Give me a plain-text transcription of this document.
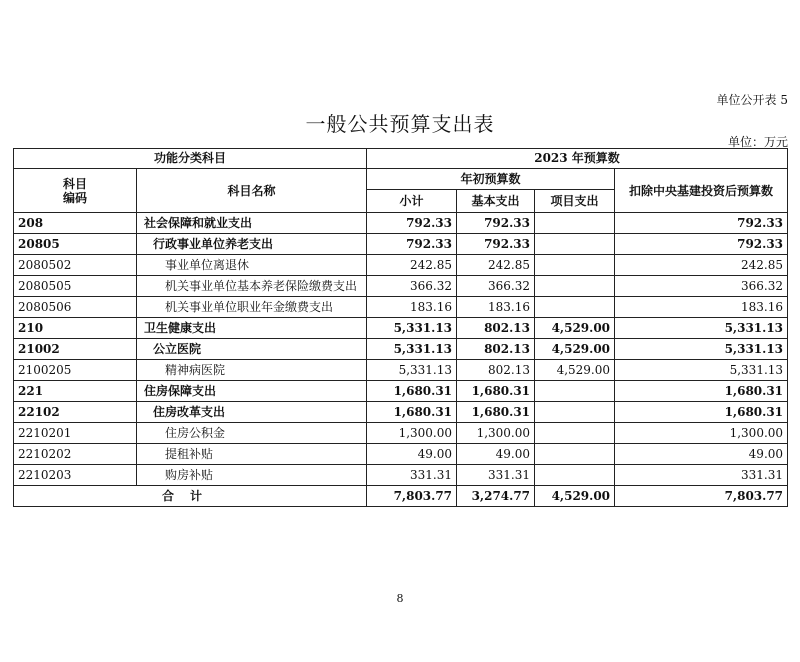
单位公开表 5
一般公共预算支出表
单位：万元
功能分类科目		2023 年预算数			
科目
编码	科目名称	年初预算数			扣除中央基建投资后预算数
		小计	基本支出	项目支出	
208	社会保障和就业支出	792.33	792.33		792.33
20805	行政事业单位养老支出	792.33	792.33		792.33
2080502	事业单位离退休	242.85	242.85		242.85
2080505	机关事业单位基本养老保险缴费支出	366.32	366.32		366.32
2080506	机关事业单位职业年金缴费支出	183.16	183.16		183.16
210	卫生健康支出	5,331.13	802.13	4,529.00	5,331.13
21002	公立医院	5,331.13	802.13	4,529.00	5,331.13
2100205	精神病医院	5,331.13	802.13	4,529.00	5,331.13
221	住房保障支出	1,680.31	1,680.31		1,680.31
22102	住房改革支出	1,680.31	1,680.31		1,680.31
2210201	住房公积金	1,300.00	1,300.00		1,300.00
2210202	提租补贴	49.00	49.00		49.00
2210203	购房补贴	331.31	331.31		331.31
合计		7,803.77	3,274.77	4,529.00	7,803.77
8
